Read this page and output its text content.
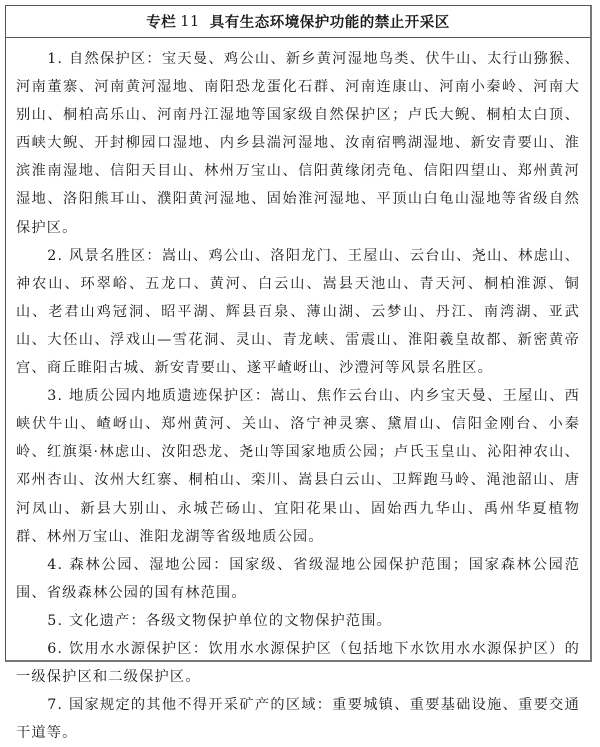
专栏 11 具有生态环境保护功能的禁止开采区

1. 自然保护区：宝天曼、鸡公山、新乡黄河湿地鸟类、伏牛山、太行山猕猴、河南董寨、河南黄河湿地、南阳恐龙蛋化石群、河南连康山、河南小秦岭、河南大别山、桐柏高乐山、河南丹江湿地等国家级自然保护区；卢氏大鲵、桐柏太白顶、西峡大鲵、开封柳园口湿地、内乡县湍河湿地、汝南宿鸭湖湿地、新安青要山、淮滨淮南湿地、信阳天目山、林州万宝山、信阳黄缘闭壳龟、信阳四望山、郑州黄河湿地、洛阳熊耳山、濮阳黄河湿地、固始淮河湿地、平顶山白龟山湿地等省级自然保护区。

2. 风景名胜区：嵩山、鸡公山、洛阳龙门、王屋山、云台山、尧山、林虑山、神农山、环翠峪、五龙口、黄河、白云山、嵩县天池山、青天河、桐柏淮源、铜山、老君山鸡冠洞、昭平湖、辉县百泉、薄山湖、云梦山、丹江、南湾湖、亚武山、大伾山、浮戏山—雪花洞、灵山、青龙峡、雷震山、淮阳羲皇故都、新密黄帝宫、商丘睢阳古城、新安青要山、遂平嵖岈山、沙澧河等风景名胜区。

3. 地质公园内地质遗迹保护区：嵩山、焦作云台山、内乡宝天曼、王屋山、西峡伏牛山、嵖岈山、郑州黄河、关山、洛宁神灵寨、黛眉山、信阳金刚台、小秦岭、红旗渠·林虑山、汝阳恐龙、尧山等国家地质公园；卢氏玉皇山、沁阳神农山、邓州杏山、汝州大红寨、桐柏山、栾川、嵩县白云山、卫辉跑马岭、渑池韶山、唐河凤山、新县大别山、永城芒砀山、宜阳花果山、固始西九华山、禹州华夏植物群、林州万宝山、淮阳龙湖等省级地质公园。

4. 森林公园、湿地公园：国家级、省级湿地公园保护范围；国家森林公园范围、省级森林公园的国有林范围。

5. 文化遗产：各级文物保护单位的文物保护范围。

6. 饮用水水源保护区：饮用水水源保护区（包括地下水饮用水水源保护区）的一级保护区和二级保护区。

7. 国家规定的其他不得开采矿产的区域：重要城镇、重要基础设施、重要交通干道等。
